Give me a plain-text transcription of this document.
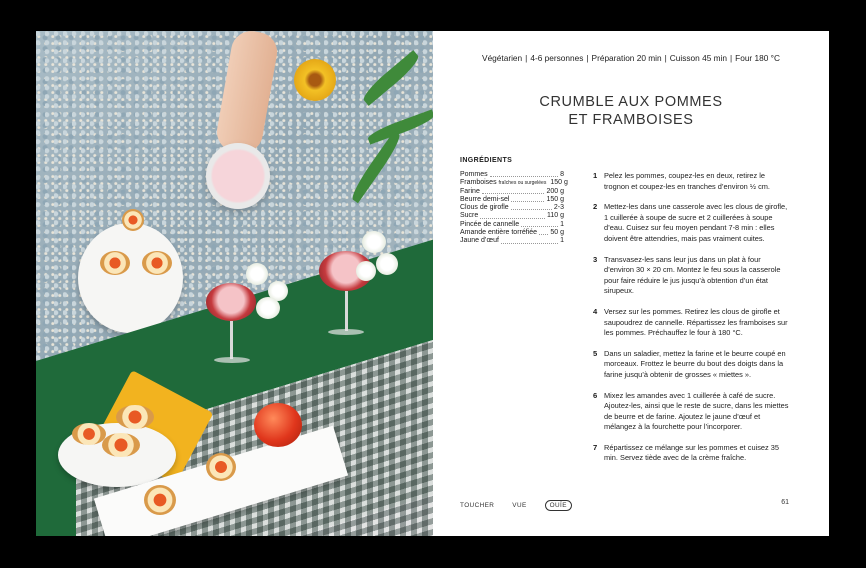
Végétarien | 4-6 personnes | Préparation 20 min | Cuisson 45 min | Four 180 °C
CRUMBLE AUX POMMES
ET FRAMBOISES
INGRÉDIENTS
Pommes	8
Framboises fraîches ou surgelées 150 g
Farine	200 g
Beurre demi-sel	150 g
Clous de girofle	2-3
Sucre	110 g
Pincée de cannelle	1
Amande entière torréfiée 50 g
Jaune d’œuf	1
1 Pelez les pommes, coupez-les en deux, retirez le trognon et coupez-les en tranches d’environ ½ cm.
2 Mettez-les dans une casserole avec les clous de girofle, 1 cuillerée à soupe de sucre et 2 cuillerées à soupe d’eau. Cuisez sur feu moyen pendant 7-8 min : elles doivent être attendries, mais pas vraiment cuites.
3 Transvasez-les sans leur jus dans un plat à four d’environ 30 × 20 cm. Montez le feu sous la casserole pour faire réduire le jus jusqu’à obtention d’un état sirupeux.
4 Versez sur les pommes. Retirez les clous de girofle et saupoudrez de cannelle. Répartissez les framboises sur les pommes. Préchauffez le four à 180 °C.
5 Dans un saladier, mettez la farine et le beurre coupé en morceaux. Frottez le beurre du bout des doigts dans la farine jusqu’à obtenir de grosses « miettes ».
6 Mixez les amandes avec 1 cuillerée à café de sucre. Ajoutez-les, ainsi que le reste de sucre, dans les miettes de beurre et de farine. Ajoutez le jaune d’œuf et mélangez à la fourchette pour l’incorporer.
7 Répartissez ce mélange sur les pommes et cuisez 35 min. Servez tiède avec de la crème fraîche.
TOUCHER	VUE	OUÏE	61
